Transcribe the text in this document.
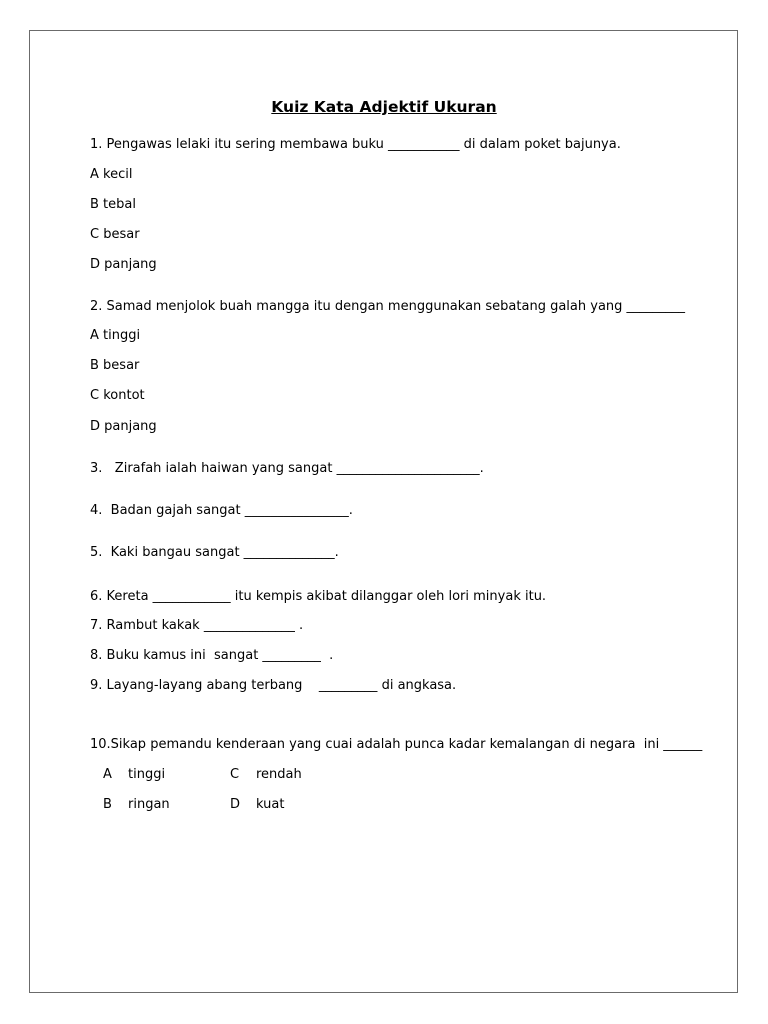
Kuiz Kata Adjektif Ukuran
1. Pengawas lelaki itu sering membawa buku ___________ di dalam poket bajunya.
A kecil
B tebal
C besar
D panjang
2. Samad menjolok buah mangga itu dengan menggunakan sebatang galah yang _________
A tinggi
B besar
C kontot
D panjang
3.   Zirafah ialah haiwan yang sangat ______________________.
4.  Badan gajah sangat ________________.
5.  Kaki bangau sangat ______________.
6. Kereta ____________ itu kempis akibat dilanggar oleh lori minyak itu.
7. Rambut kakak ______________ .
8. Buku kamus ini  sangat _________  .
9. Layang-layang abang terbang    _________ di angkasa.
10.Sikap pemandu kenderaan yang cuai adalah punca kadar kemalangan di negara  ini ______
A tinggi	C rendah
B ringan	D kuat
